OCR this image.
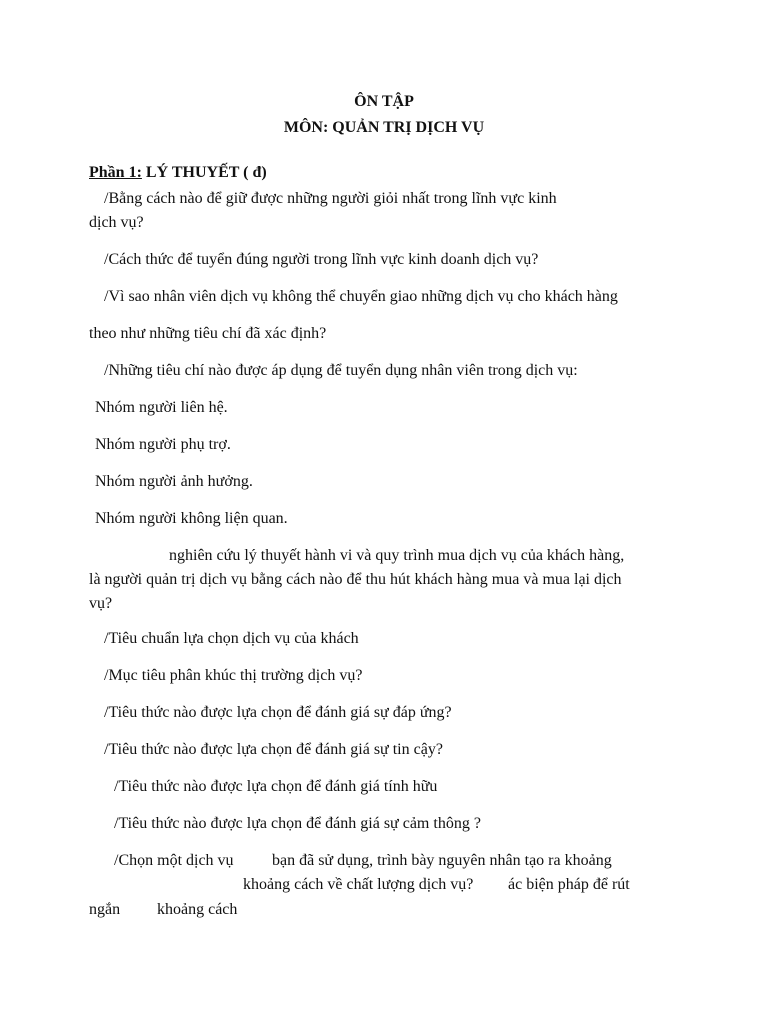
ÔN TẬP
MÔN: QUẢN TRỊ DỊCH VỤ
Phần 1: LÝ THUYẾT ( đ)
/Bằng cách nào để giữ được những người giỏi nhất trong lĩnh vực kinh
dịch vụ?
/Cách thức để tuyển đúng người trong lĩnh vực kinh doanh dịch vụ?
/Vì sao nhân viên dịch vụ không thể chuyển giao những dịch vụ cho khách hàng
theo như những tiêu chí đã xác định?
/Những tiêu chí nào được áp dụng để tuyển dụng nhân viên trong dịch vụ:
Nhóm người liên hệ.
Nhóm người phụ trợ.
Nhóm người ảnh hưởng.
Nhóm người không liện quan.
nghiên cứu lý thuyết hành vi và quy trình mua dịch vụ của khách hàng,
là người quản trị dịch vụ bằng cách nào để thu hút khách hàng mua và mua lại dịch
vụ?
/Tiêu chuẩn lựa chọn dịch vụ của khách
/Mục tiêu phân khúc thị trường dịch vụ?
/Tiêu thức nào được lựa chọn để đánh giá sự đáp ứng?
/Tiêu thức nào được lựa chọn để đánh giá sự tin cậy?
/Tiêu thức nào được lựa chọn để đánh giá tính hữu
/Tiêu thức nào được lựa chọn để đánh giá sự cảm thông ?
/Chọn một dịch vụ bạn đã sử dụng, trình bày nguyên nhân tạo ra khoảng
khoảng cách về chất lượng dịch vụ? ác biện pháp để rút
ngắn khoảng cách
